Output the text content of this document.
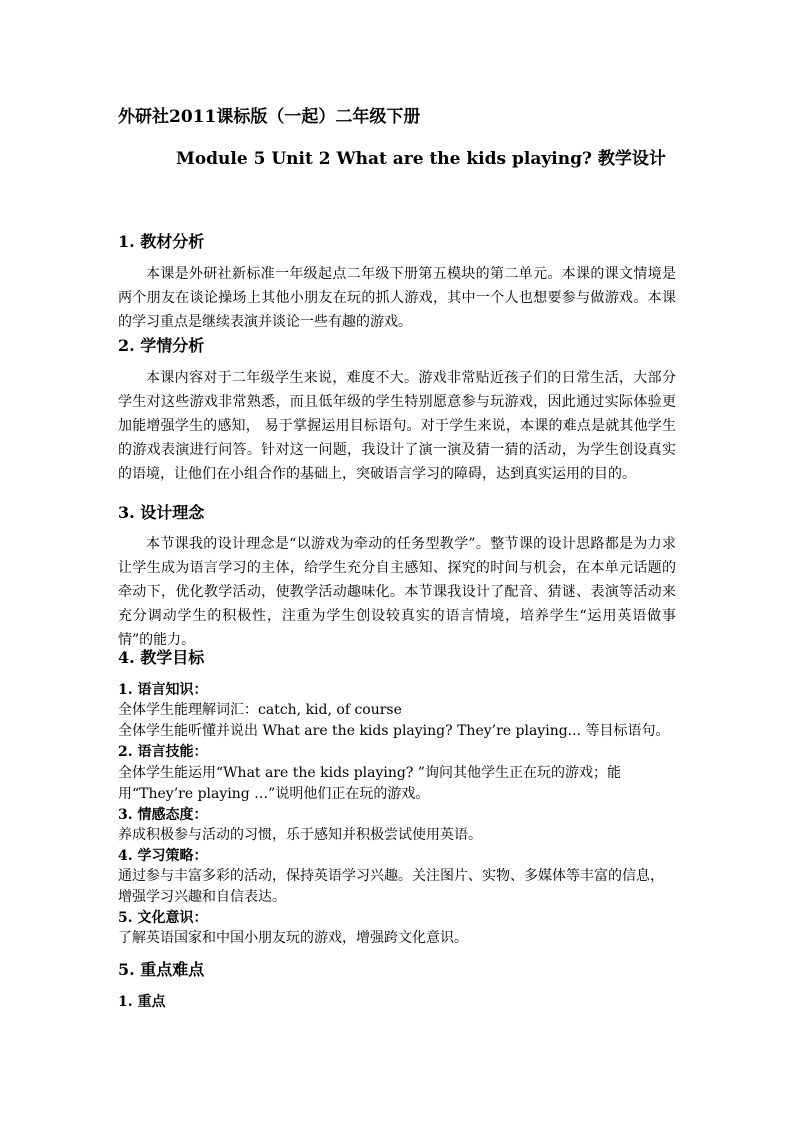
外研社2011课标版（一起）二年级下册
Module 5 Unit 2 What are the kids playing? 教学设计
1. 教材分析
本课是外研社新标准一年级起点二年级下册第五模块的第二单元。本课的课文情境是两个朋友在谈论操场上其他小朋友在玩的抓人游戏，其中一个人也想要参与做游戏。本课的学习重点是继续表演并谈论一些有趣的游戏。
2. 学情分析
本课内容对于二年级学生来说，难度不大。游戏非常贴近孩子们的日常生活，大部分学生对这些游戏非常熟悉，而且低年级的学生特别愿意参与玩游戏，因此通过实际体验更加能增强学生的感知， 易于掌握运用目标语句。对于学生来说，本课的难点是就其他学生的游戏表演进行问答。针对这一问题，我设计了演一演及猜一猜的活动，为学生创设真实的语境，让他们在小组合作的基础上，突破语言学习的障碍，达到真实运用的目的。
3. 设计理念
本节课我的设计理念是“以游戏为牵动的任务型教学”。整节课的设计思路都是为力求让学生成为语言学习的主体，给学生充分自主感知、探究的时间与机会，在本单元话题的牵动下，优化教学活动，使教学活动趣味化。本节课我设计了配音、猜谜、表演等活动来充分调动学生的积极性，注重为学生创设较真实的语言情境，培养学生“运用英语做事情”的能力。
4. 教学目标
1. 语言知识：
全体学生能理解词汇：catch, kid, of course
全体学生能听懂并说出 What are the kids playing? They’re playing... 等目标语句。
2. 语言技能：
全体学生能运用“What are the kids playing? ”询问其他学生正在玩的游戏；能用“They’re playing …”说明他们正在玩的游戏。
3. 情感态度：
养成积极参与活动的习惯，乐于感知并积极尝试使用英语。
4. 学习策略：
通过参与丰富多彩的活动，保持英语学习兴趣。关注图片、实物、多媒体等丰富的信息，增强学习兴趣和自信表达。
5. 文化意识：
了解英语国家和中国小朋友玩的游戏，增强跨文化意识。
5. 重点难点
1. 重点
